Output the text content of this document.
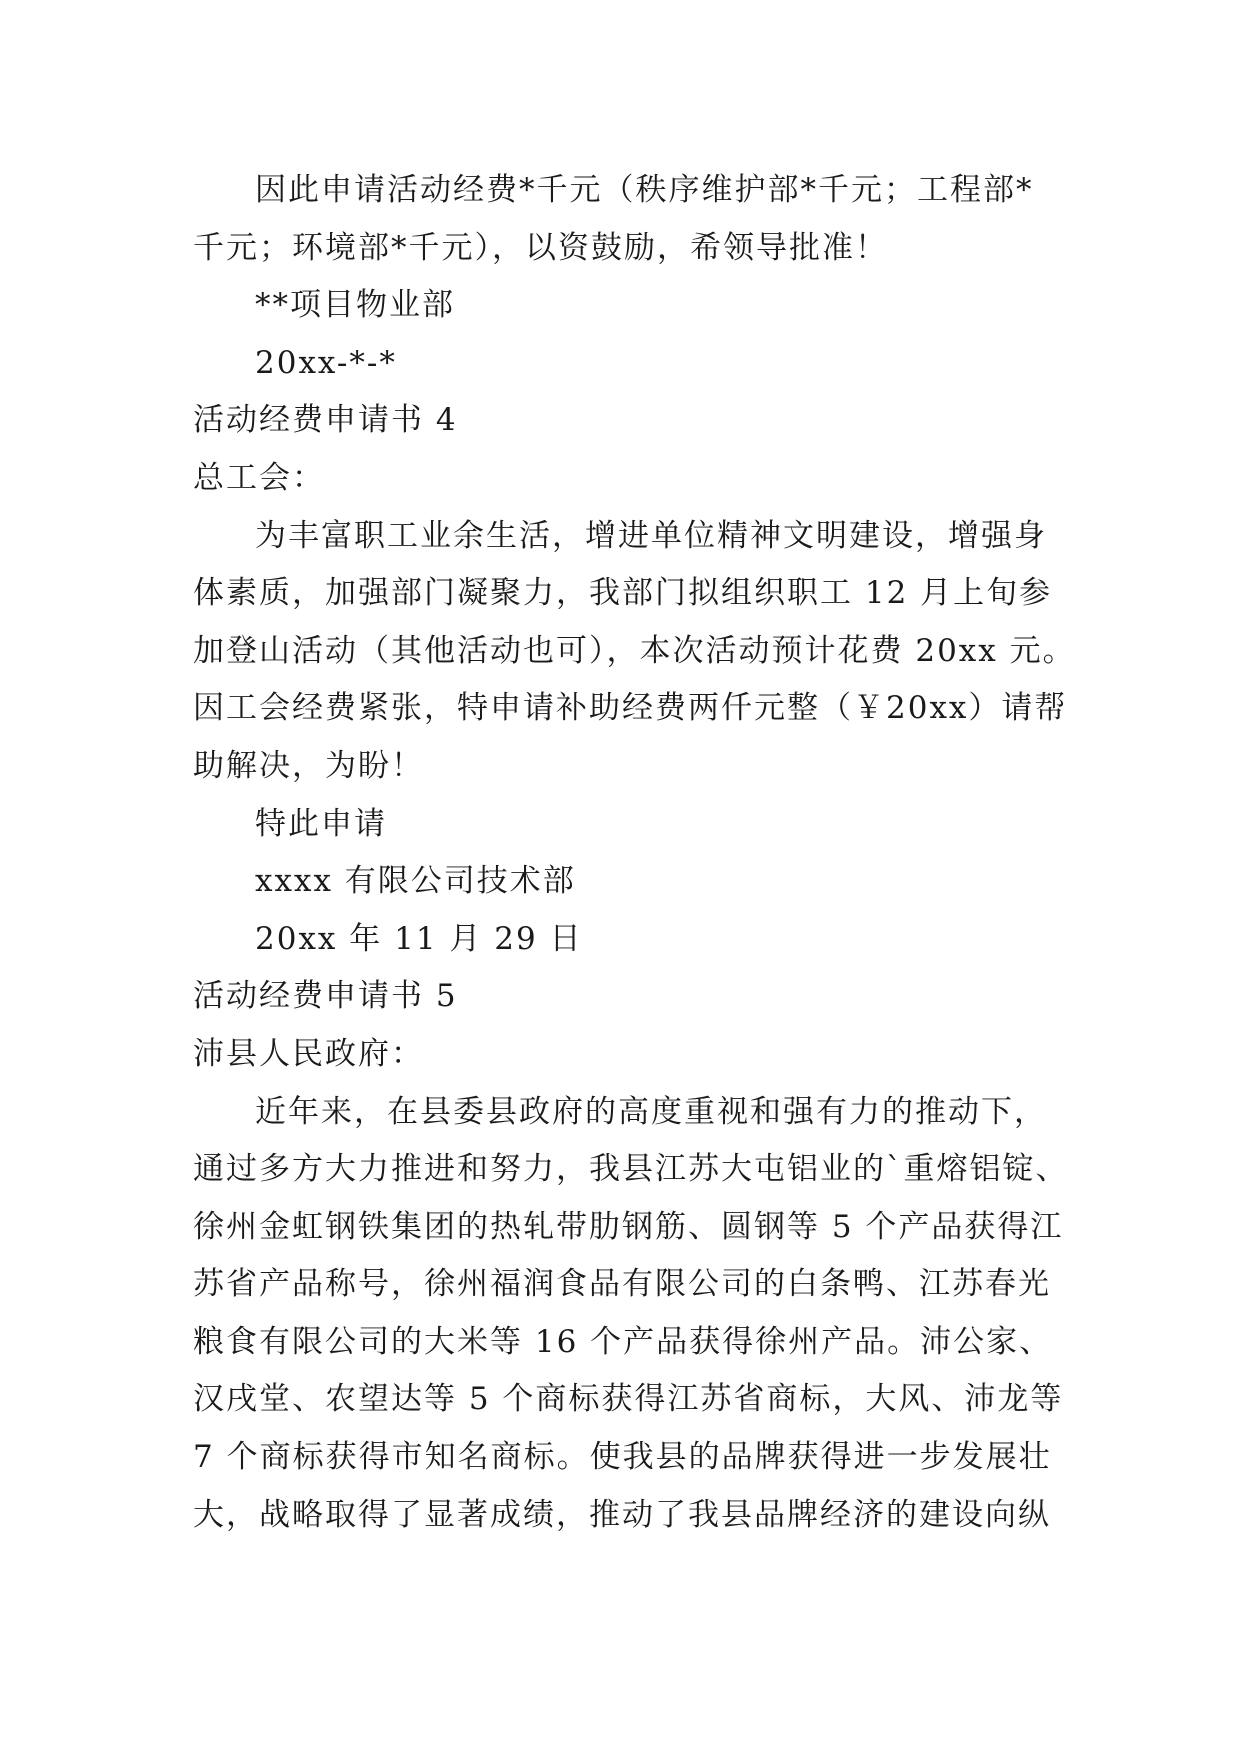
因此申请活动经费*千元（秩序维护部*千元；工程部*
千元；环境部*千元），以资鼓励，希领导批准！
**项目物业部
20xx-*-*
活动经费申请书 4
总工会：
为丰富职工业余生活，增进单位精神文明建设，增强身
体素质，加强部门凝聚力，我部门拟组织职工 12 月上旬参
加登山活动（其他活动也可），本次活动预计花费 20xx 元。
因工会经费紧张，特申请补助经费两仟元整（￥20xx）请帮
助解决，为盼！
特此申请
xxxx 有限公司技术部
20xx 年 11 月 29 日
活动经费申请书 5
沛县人民政府：
近年来，在县委县政府的高度重视和强有力的推动下，
通过多方大力推进和努力，我县江苏大屯铝业的`重熔铝锭、
徐州金虹钢铁集团的热轧带肋钢筋、圆钢等 5 个产品获得江
苏省产品称号，徐州福润食品有限公司的白条鸭、江苏春光
粮食有限公司的大米等 16 个产品获得徐州产品。沛公家、
汉戌堂、农望达等 5 个商标获得江苏省商标，大风、沛龙等
7 个商标获得市知名商标。使我县的品牌获得进一步发展壮
大，战略取得了显著成绩，推动了我县品牌经济的建设向纵
